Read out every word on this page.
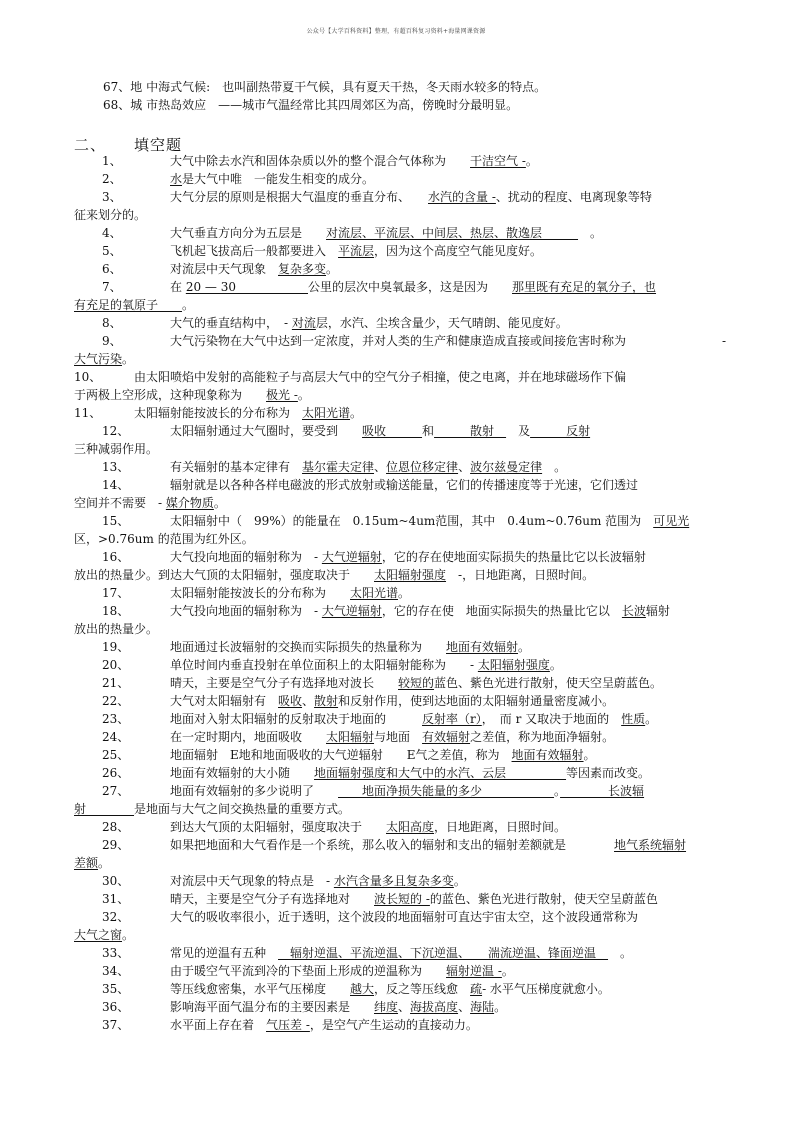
公众号【大学百科资料】整理，有超百科复习资料+海量网课资源
67、地 中海式气候:　也叫副热带夏干气候，具有夏天干热，冬天雨水较多的特点。
68、城 市热岛效应　——城市气温经常比其四周郊区为高，傍晚时分最明显。
二、 填空题
1、	大气中除去水汽和固体杂质以外的整个混合气体称为　　干洁空气 -。
2、	水是大气中唯　一能发生相变的成分。
3、	大气分层的原则是根据大气温度的垂直分布、　　水汽的含量 -、扰动的程度、电离现象等特
征来划分的。
4、	大气垂直方向分为五层是　　对流层、平流层、中间层、热层、散逸层　　　　。
5、	飞机起飞拔高后一般都要进入　平流层，因为这个高度空气能见度好。
6、	对流层中天气现象　复杂多变。
7、	在 20 — 30　　　　　　公里的层次中臭氧最多，这是因为　　那里既有充足的氧分子，也
有充足的氧原子　　。
8、	大气的垂直结构中，　- 对流层，水汽、尘埃含量少，天气晴朗、能见度好。
9、	大气污染物在大气中达到一定浓度，并对人类的生产和健康造成直接或间接危害时称为　　　　　　　　-
大气污染。
10、	由太阳喷焰中发射的高能粒子与高层大气中的空气分子相撞，使之电离，并在地球磁场作下偏
于两极上空形成，这种现象称为　　极光 -。
11、	太阳辐射能按波长的分布称为　太阳光谱。
12、	太阳辐射通过大气圈时，要受到　　吸收　　　和　　　散射　　及　　　反射
三种减弱作用。
13、	有关辐射的基本定律有　基尔霍夫定律、位恩位移定律、波尔兹曼定律　。
14、	辐射就是以各种各样电磁波的形式放射或输送能量，它们的传播速度等于光速，它们透过
空间并不需要　- 媒介物质。
15、	太阳辐射中（　99%）的能量在　0.15um~4um范围，其中　0.4um~0.76um 范围为　可见光
区，>0.76um 的范围为红外区。
16、	大气投向地面的辐射称为　- 大气逆辐射，它的存在使地面实际损失的热量比它以长波辐射
放出的热量少。到达大气顶的太阳辐射，强度取决于　　太阳辐射强度　-，日地距离，日照时间。
17、	太阳辐射能按波长的分布称为　　太阳光谱。
18、	大气投向地面的辐射称为　- 大气逆辐射，它的存在使　地面实际损失的热量比它以　长波辐射
放出的热量少。
19、	地面通过长波辐射的交换而实际损失的热量称为　　地面有效辐射。
20、	单位时间内垂直投射在单位面积上的太阳辐射能称为　　- 太阳辐射强度。
21、	晴天，主要是空气分子有选择地对波长　　较短的蓝色、紫色光进行散射，使天空呈蔚蓝色。
22、	大气对太阳辐射有　吸收、散射和反射作用，使到达地面的太阳辐射通量密度减小。
23、	地面对入射太阳辐射的反射取决于地面的　　　反射率（r），　而 r 又取决于地面的　性质。
24、	在一定时期内，地面吸收　　太阳辐射与地面　有效辐射之差值，称为地面净辐射。
25、	地面辐射　E地和地面吸收的大气逆辐射　　E气之差值，称为　地面有效辐射。
26、	地面有效辐射的大小随　　地面辐射强度和大气中的水汽、云层　　　　　等因素而改变。
27、	地面有效辐射的多少说明了　　　　地面净损失能量的多少　　　　　　。　　　　长波辐
射　　　　是地面与大气之间交换热量的重要方式。
28、	到达大气顶的太阳辐射，强度取决于　　太阳高度，日地距离，日照时间。
29、	如果把地面和大气看作是一个系统，那么收入的辐射和支出的辐射差额就是　　　　地气系统辐射
差额。
30、	对流层中天气现象的特点是　- 水汽含量多且复杂多变。
31、	晴天，主要是空气分子有选择地对　　波长短的 -的蓝色、紫色光进行散射，使天空呈蔚蓝色
32、	大气的吸收率很小，近于透明，这个波段的地面辐射可直达宇宙太空，这个波段通常称为
大气之窗。
33、	常见的逆温有五种　　辐射逆温、平流逆温、下沉逆温、　　湍流逆温、锋面逆温　　。
34、	由于暖空气平流到冷的下垫面上形成的逆温称为　　辐射逆温 -。
35、	等压线愈密集，水平气压梯度　　越大，反之等压线愈　疏- 水平气压梯度就愈小。
36、	影响海平面气温分布的主要因素是　　纬度、海拔高度、海陆。
37、	水平面上存在着　气压差 -，是空气产生运动的直接动力。
